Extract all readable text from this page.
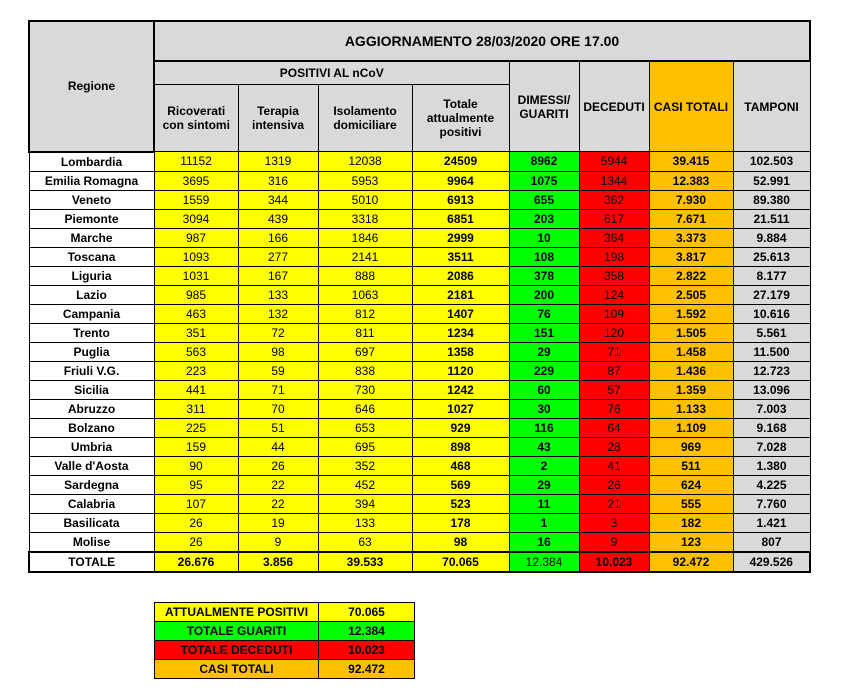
Regione	AGGIORNAMENTO 28/03/2020 ORE 17.00							
	POSITIVI AL nCoV				DIMESSI/ GUARITI	DECEDUTI	CASI TOTALI	TAMPONI
	Ricoverati con sintomi	Terapia intensiva	Isolamento domiciliare	Totale attualmente positivi				
Lombardia	11152	1319	12038	24509	8962	5944	39.415	102.503
Emilia Romagna	3695	316	5953	9964	1075	1344	12.383	52.991
Veneto	1559	344	5010	6913	655	362	7.930	89.380
Piemonte	3094	439	3318	6851	203	617	7.671	21.511
Marche	987	166	1846	2999	10	364	3.373	9.884
Toscana	1093	277	2141	3511	108	198	3.817	25.613
Liguria	1031	167	888	2086	378	358	2.822	8.177
Lazio	985	133	1063	2181	200	124	2.505	27.179
Campania	463	132	812	1407	76	109	1.592	10.616
Trento	351	72	811	1234	151	120	1.505	5.561
Puglia	563	98	697	1358	29	71	1.458	11.500
Friuli V.G.	223	59	838	1120	229	87	1.436	12.723
Sicilia	441	71	730	1242	60	57	1.359	13.096
Abruzzo	311	70	646	1027	30	76	1.133	7.003
Bolzano	225	51	653	929	116	64	1.109	9.168
Umbria	159	44	695	898	43	28	969	7.028
Valle d'Aosta	90	26	352	468	2	41	511	1.380
Sardegna	95	22	452	569	29	26	624	4.225
Calabria	107	22	394	523	11	21	555	7.760
Basilicata	26	19	133	178	1	3	182	1.421
Molise	26	9	63	98	16	9	123	807
TOTALE	26.676	3.856	39.533	70.065	12.384	10.023	92.472	429.526
ATTUALMENTE POSITIVI	70.065
TOTALE GUARITI	12.384
TOTALE DECEDUTI	10.023
CASI TOTALI	92.472
